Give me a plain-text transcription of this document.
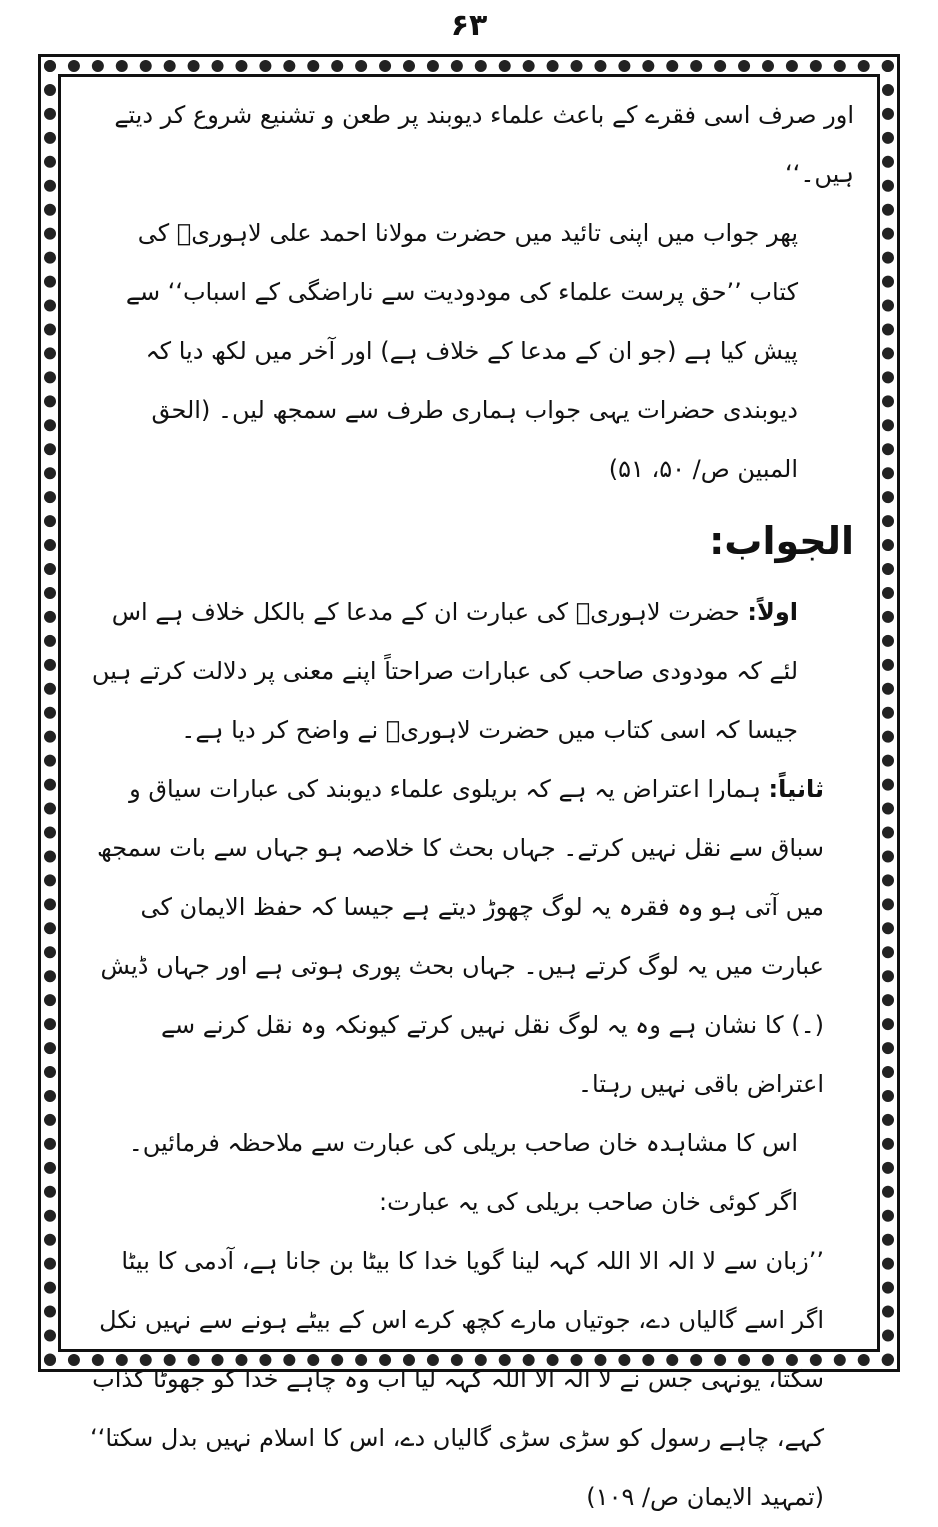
۶۳

اور صرف اسی فقرے کے باعث علماء دیوبند پر طعن و تشنیع شروع کر دیتے ہیں۔‘‘

پھر جواب میں اپنی تائید میں حضرت مولانا احمد علی لاہوریؒ کی کتاب ’’حق پرست علماء کی مودودیت سے ناراضگی کے اسباب‘‘ سے پیش کیا ہے (جو ان کے مدعا کے خلاف ہے) اور آخر میں لکھ دیا کہ دیوبندی حضرات یہی جواب ہماری طرف سے سمجھ لیں۔ (الحق المبین ص/ ۵۰، ۵۱)

الجواب:

اولاً: حضرت لاہوریؒ کی عبارت ان کے مدعا کے بالکل خلاف ہے اس لئے کہ مودودی صاحب کی عبارات صراحتاً اپنے معنی پر دلالت کرتے ہیں جیسا کہ اسی کتاب میں حضرت لاہوریؒ نے واضح کر دیا ہے۔

ثانیاً: ہمارا اعتراض یہ ہے کہ بریلوی علماء دیوبند کی عبارات سیاق و سباق سے نقل نہیں کرتے۔ جہاں بحث کا خلاصہ ہو جہاں سے بات سمجھ میں آتی ہو وہ فقرہ یہ لوگ چھوڑ دیتے ہے جیسا کہ حفظ الایمان کی عبارت میں یہ لوگ کرتے ہیں۔ جہاں بحث پوری ہوتی ہے اور جہاں ڈیش (۔) کا نشان ہے وہ یہ لوگ نقل نہیں کرتے کیونکہ وہ نقل کرنے سے اعتراض باقی نہیں رہتا۔

اس کا مشاہدہ خان صاحب بریلی کی عبارت سے ملاحظہ فرمائیں۔

اگر کوئی خان صاحب بریلی کی یہ عبارت:

’’زبان سے لا الہ الا اللہ کہہ لینا گویا خدا کا بیٹا بن جانا ہے، آدمی کا بیٹا اگر اسے گالیاں دے، جوتیاں مارے کچھ کرے اس کے بیٹے ہونے سے نہیں نکل سکتا، یونہی جس نے لا الہ الا اللہ کہہ لیا اب وہ چاہے خدا کو جھوٹا کذاب کہے، چاہے رسول کو سڑی سڑی گالیاں دے، اس کا اسلام نہیں بدل سکتا‘‘ (تمہید الایمان ص/ ۱۰۹)
